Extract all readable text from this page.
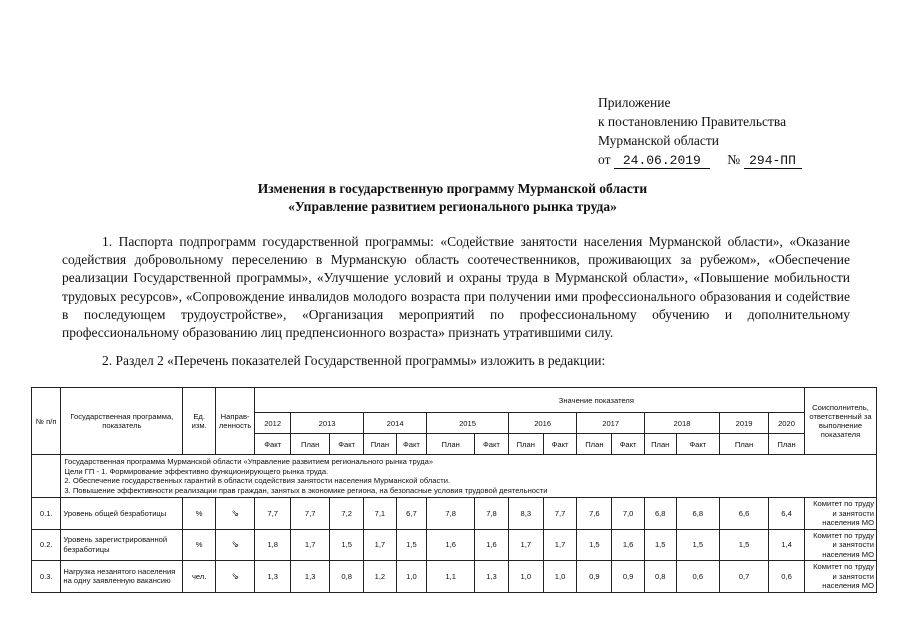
Приложение
к постановлению Правительства
Мурманской области
от 24.06.2019 № 294-ПП
Изменения в государственную программу Мурманской области
«Управление развитием регионального рынка труда»
1. Паспорта подпрограмм государственной программы: «Содействие занятости населения Мурманской области», «Оказание содействия добровольному переселению в Мурманскую область соотечественников, проживающих за рубежом», «Обеспечение реализации Государственной программы», «Улучшение условий и охраны труда в Мурманской области», «Повышение мобильности трудовых ресурсов», «Сопровождение инвалидов молодого возраста при получении ими профессионального образования и содействие в последующем трудоустройстве», «Организация мероприятий по профессиональному обучению и дополнительному профессиональному образованию лиц предпенсионного возраста» признать утратившими силу.
2. Раздел 2 «Перечень показателей Государственной программы» изложить в редакции:
№ п/п	Государственная программа, показатель	Ед. изм.	Направ-ленность	Значение показателя															Соисполнитель, ответственный за выполнение показателя
				2012	2013		2014		2015		2016		2017		2018		2019	2020	
				Факт	План	Факт	План	Факт	План	Факт	План	Факт	План	Факт	План	Факт	План	План	

	Государственная программа Мурманской области «Управление развитием регионального рынка труда»
Цели ГП - 1. Формирование эффективно функционирующего рынка труда.
2. Обеспечение государственных гарантий в области содействия занятости населения Мурманской области.
3. Повышение эффективности реализации прав граждан, занятых в экономике региона, на безопасные условия трудовой деятельности																		

0.1.	Уровень общей безработицы	%	⇘	7,7	7,7	7,2	7,1	6,7	7,8	7,8	8,3	7,7	7,6	7,0	6,8	6,8	6,6	6,4	Комитет по труду и занятости населения МО
0.2.	Уровень зарегистрированной безработицы	%	⇘	1,8	1,7	1,5	1,7	1,5	1,6	1,6	1,7	1,7	1,5	1,6	1,5	1,5	1,5	1,4	Комитет по труду и занятости населения МО
0.3.	Нагрузка незанятого населения на одну заявленную вакансию	чел.	⇘	1,3	1,3	0,8	1,2	1,0	1,1	1,3	1,0	1,0	0,9	0,9	0,8	0,6	0,7	0,6	Комитет по труду и занятости населения МО
